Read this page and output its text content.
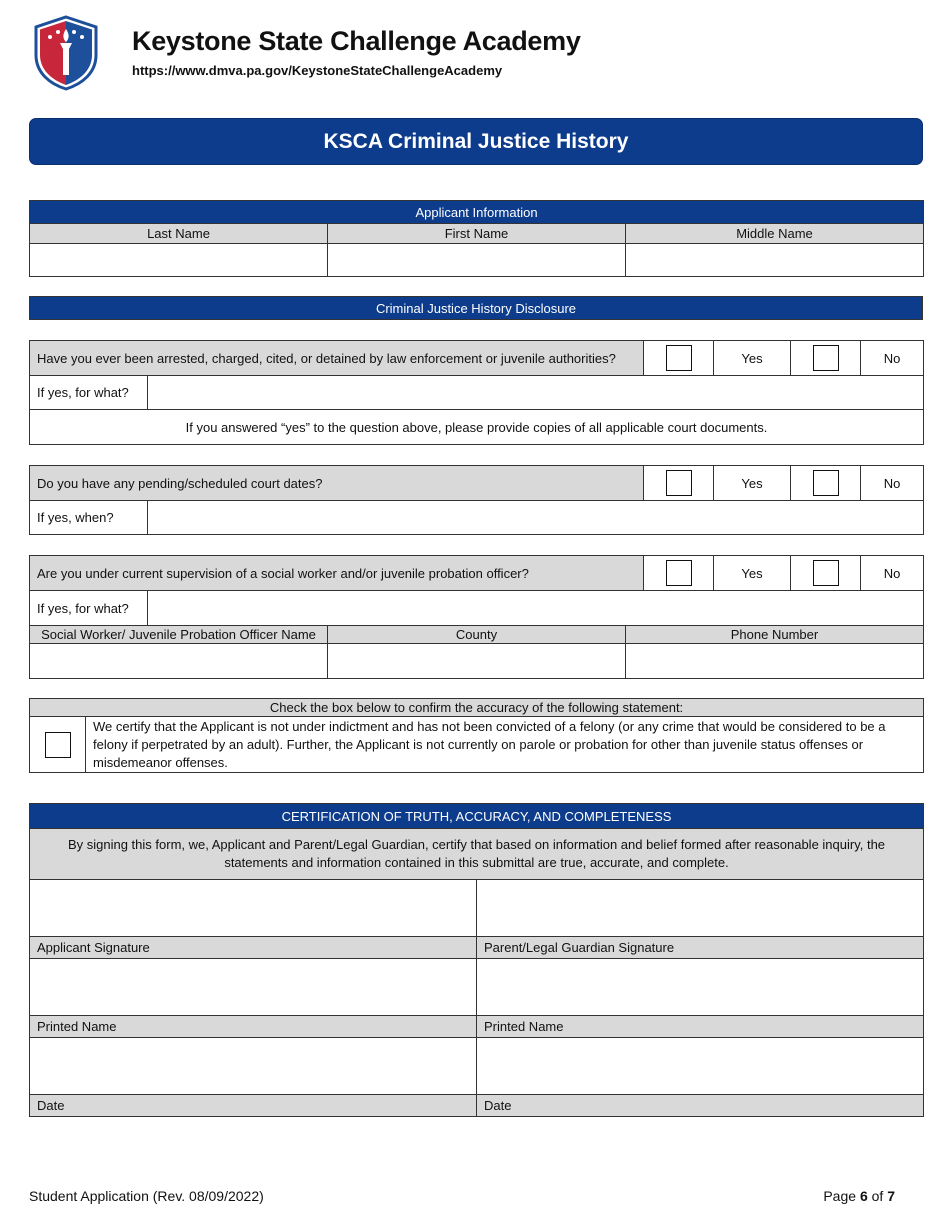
Keystone State Challenge Academy
https://www.dmva.pa.gov/KeystoneStateChallengeAcademy
KSCA Criminal Justice History
Applicant Information		
Last Name	First Name	Middle Name

Criminal Justice History Disclosure
Have you ever been arrested, charged, cited, or detained by law enforcement or juvenile authorities?			Yes		No
If yes, for what?					
If you answered “yes” to the question above, please provide copies of all applicable court documents.					
Do you have any pending/scheduled court dates?			Yes		No
If yes, when?					
Are you under current supervision of a social worker and/or juvenile probation officer?					Yes		No
If yes, for what?							
Social Worker/ Juvenile Probation Officer Name		County	Phone Number				

Check the box below to confirm the accuracy of the following statement:
	We certify that the Applicant is not under indictment and has not been convicted of a felony (or any crime that would be considered to be a felony if perpetrated by an adult). Further, the Applicant is not currently on parole or probation for other than juvenile status offenses or misdemeanor offenses.
CERTIFICATION OF TRUTH, ACCURACY, AND COMPLETENESS	
By signing this form, we, Applicant and Parent/Legal Guardian, certify that based on information and belief formed after reasonable inquiry, the statements and information contained in this submittal are true, accurate, and complete.	

Applicant Signature	Parent/Legal Guardian Signature

Printed Name	Printed Name

Date	Date
Student Application (Rev. 08/09/2022)	Page 6 of 7
